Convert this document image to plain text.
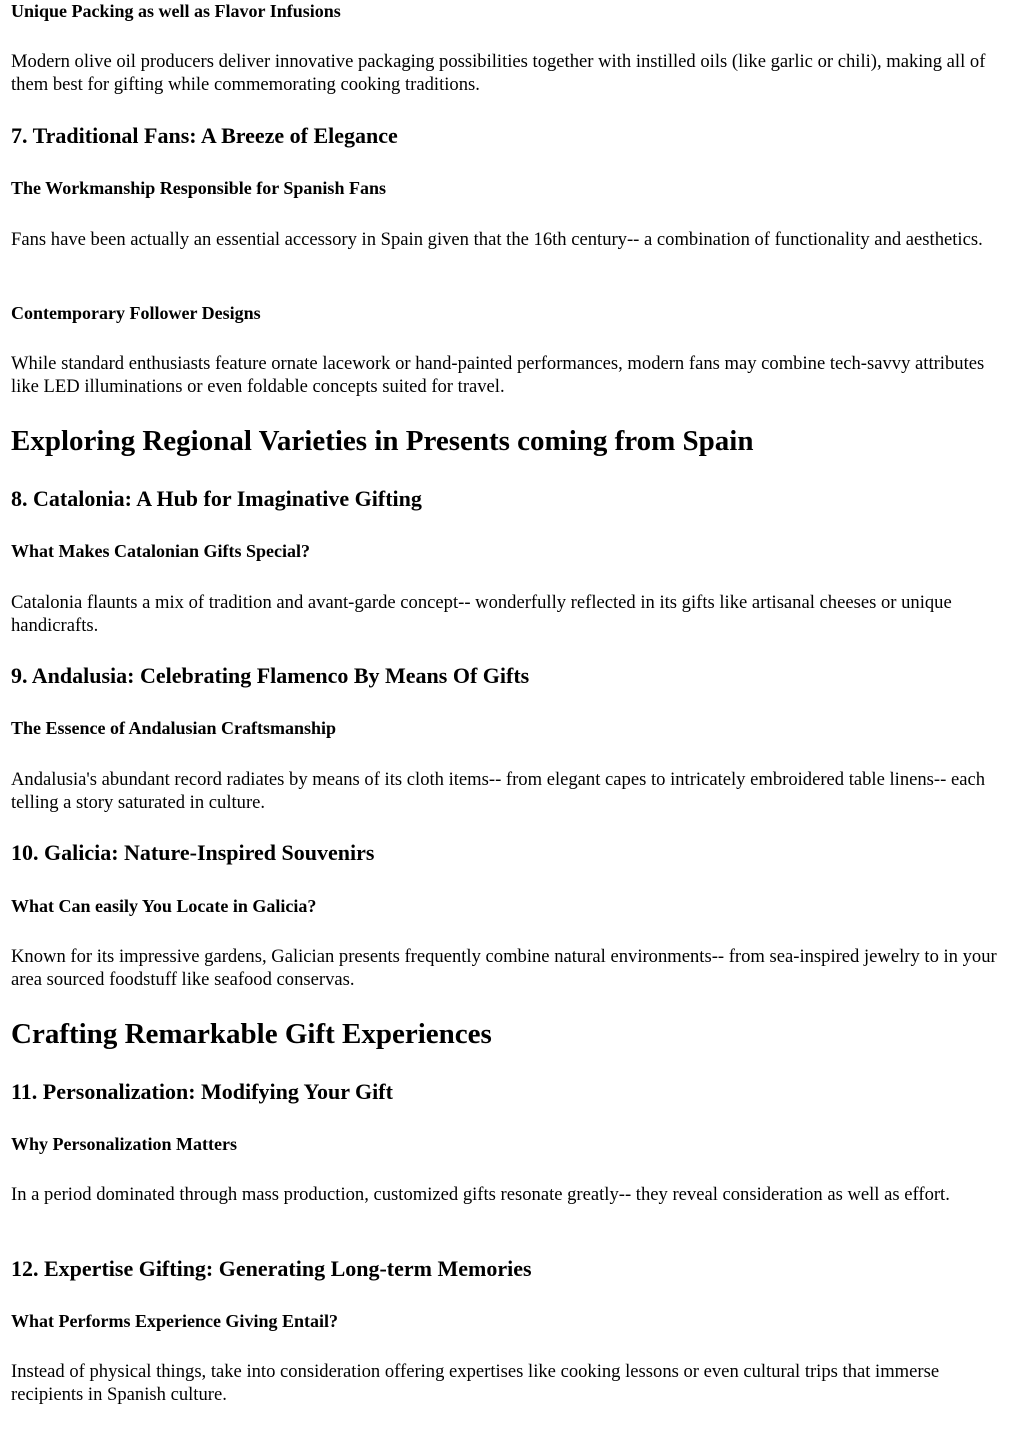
Unique Packing as well as Flavor Infusions

Modern olive oil producers deliver innovative packaging possibilities together with instilled oils (like garlic or chili), making all of them best for gifting while commemorating cooking traditions.

7. Traditional Fans: A Breeze of Elegance
The Workmanship Responsible for Spanish Fans

Fans have been actually an essential accessory in Spain given that the 16th century-- a combination of functionality and aesthetics.

Contemporary Follower Designs

While standard enthusiasts feature ornate lacework or hand-painted performances, modern fans may combine tech-savvy attributes like LED illuminations or even foldable concepts suited for travel.

Exploring Regional Varieties in Presents coming from Spain
8. Catalonia: A Hub for Imaginative Gifting
What Makes Catalonian Gifts Special?

Catalonia flaunts a mix of tradition and avant-garde concept-- wonderfully reflected in its gifts like artisanal cheeses or unique handicrafts.

9. Andalusia: Celebrating Flamenco By Means Of Gifts
The Essence of Andalusian Craftsmanship

Andalusia's abundant record radiates by means of its cloth items-- from elegant capes to intricately embroidered table linens-- each telling a story saturated in culture.

10. Galicia: Nature-Inspired Souvenirs
What Can easily You Locate in Galicia?

Known for its impressive gardens, Galician presents frequently combine natural environments-- from sea-inspired jewelry to in your area sourced foodstuff like seafood conservas.

Crafting Remarkable Gift Experiences
11. Personalization: Modifying Your Gift
Why Personalization Matters

In a period dominated through mass production, customized gifts resonate greatly-- they reveal consideration as well as effort.

12. Expertise Gifting: Generating Long-term Memories
What Performs Experience Giving Entail?

Instead of physical things, take into consideration offering expertises like cooking lessons or even cultural trips that immerse recipients in Spanish culture.
